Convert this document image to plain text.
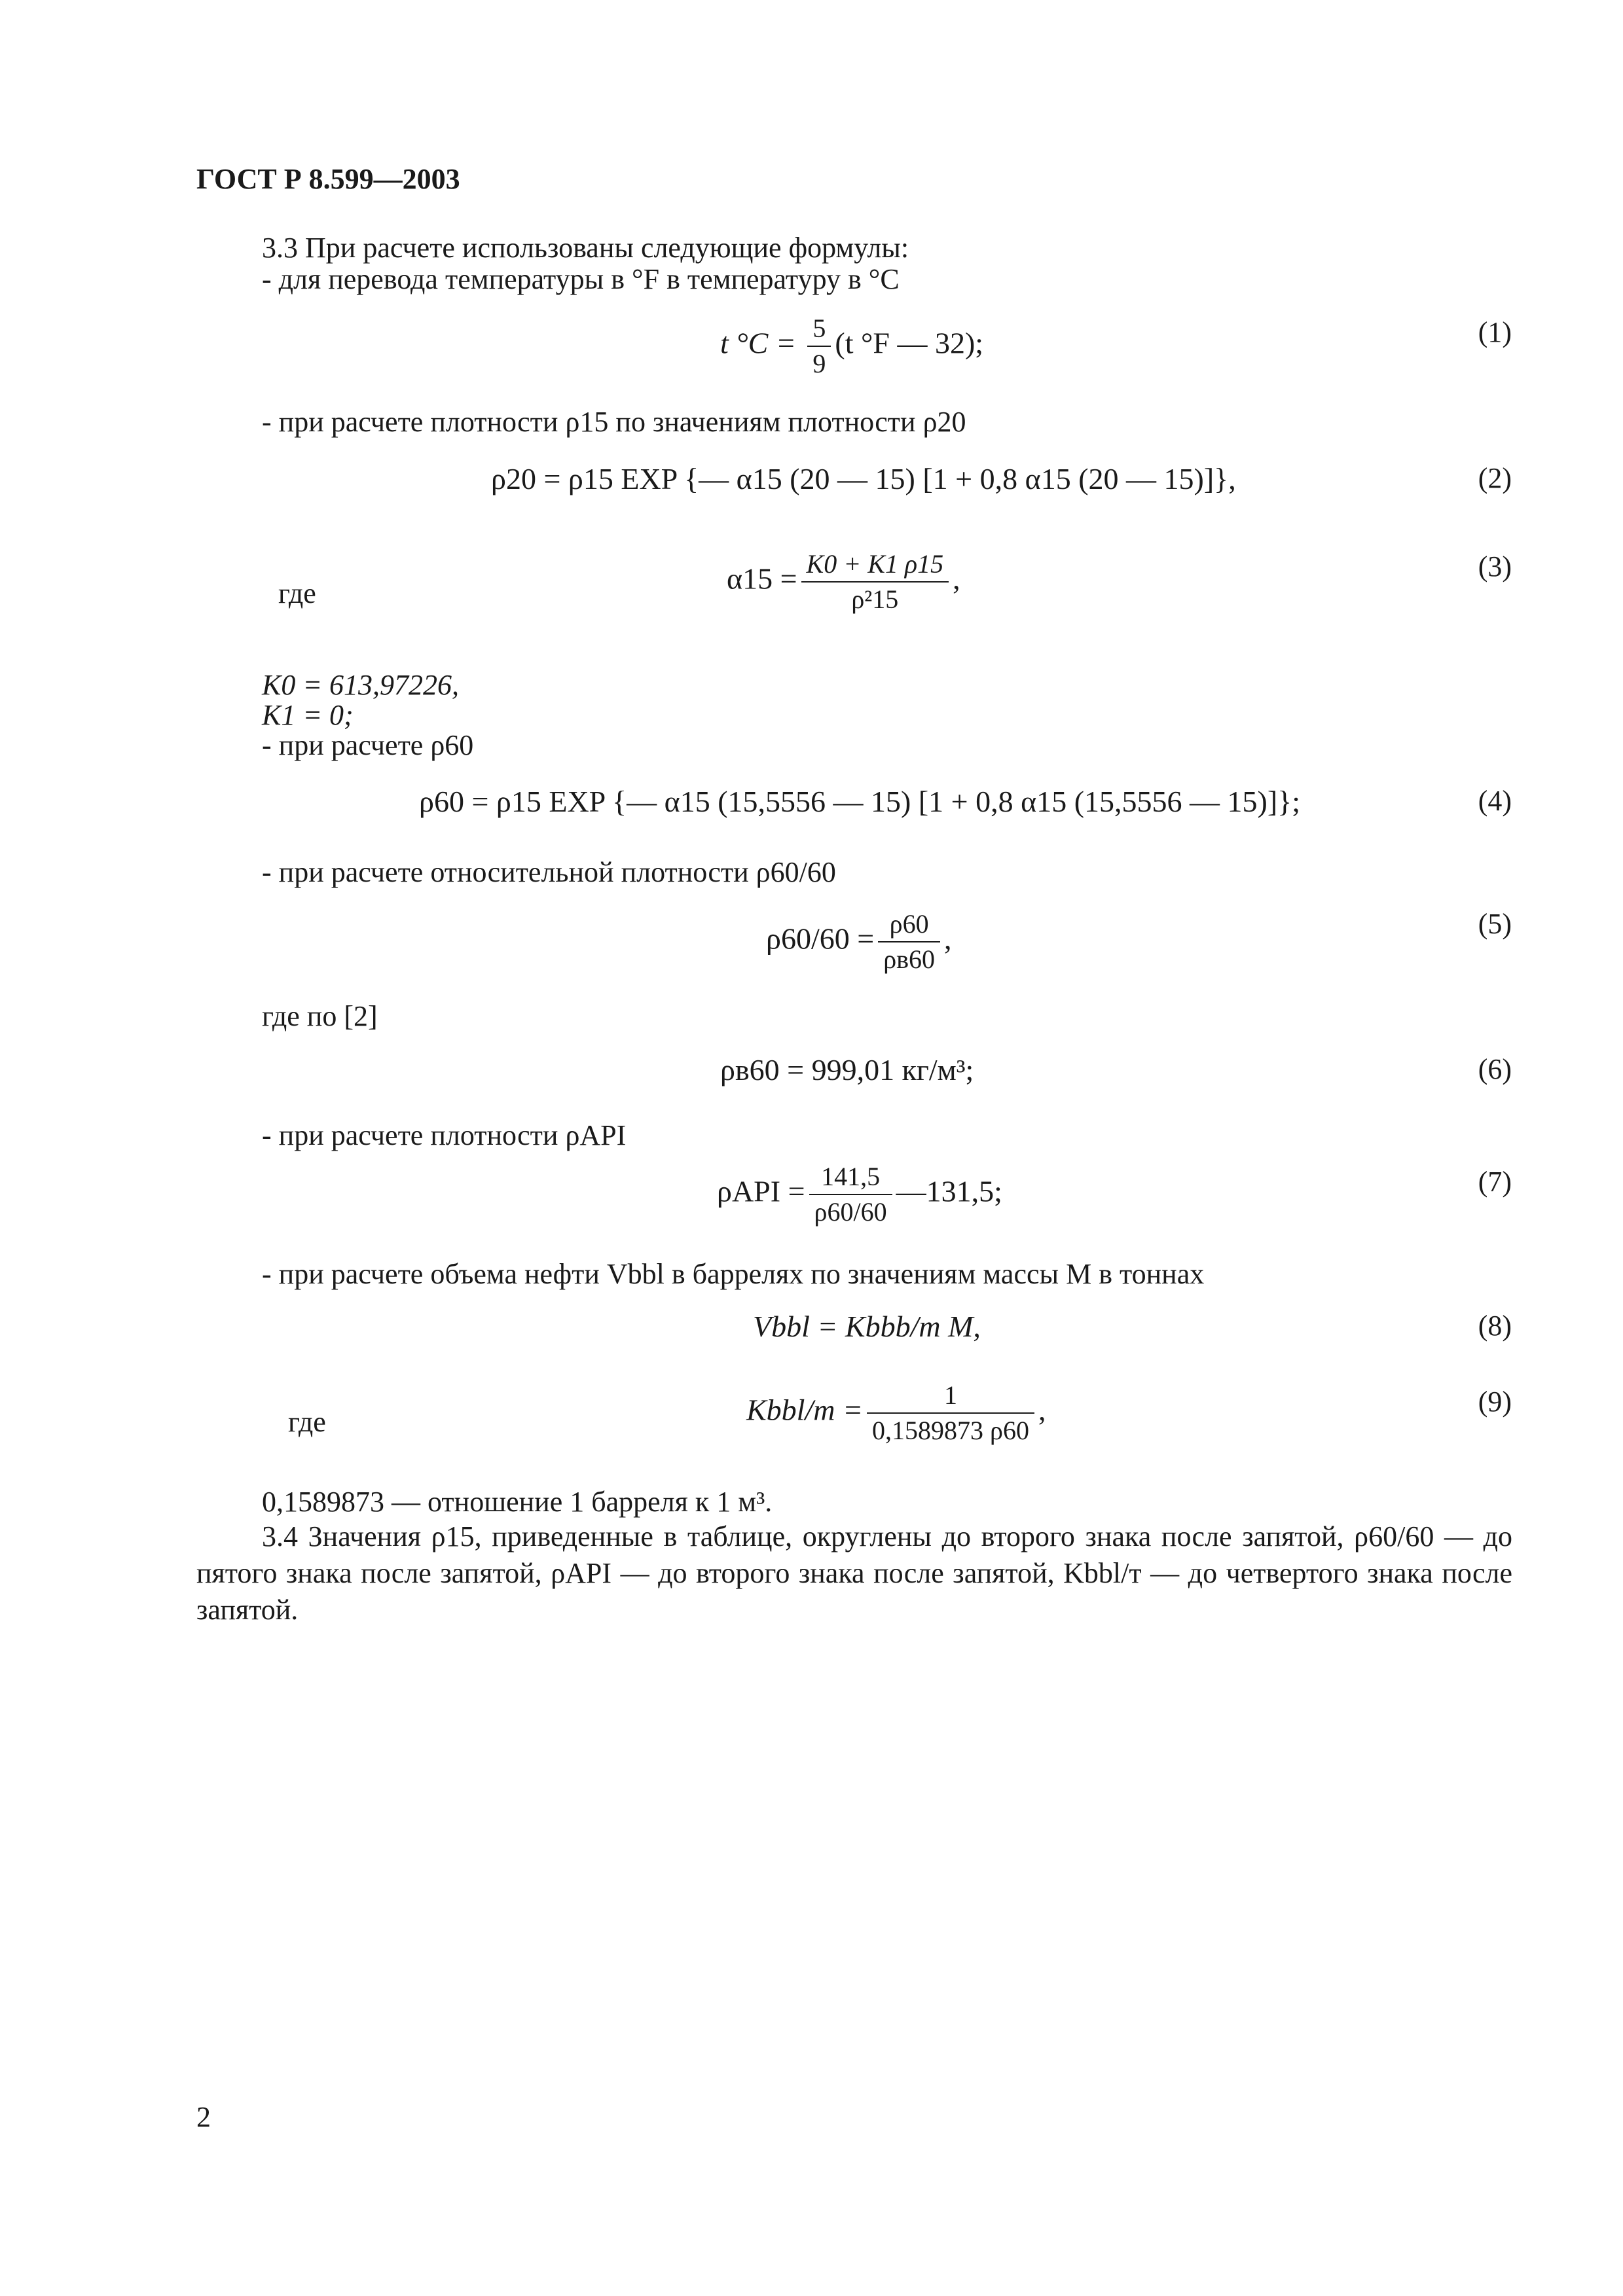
ГОСТ Р 8.599—2003
3.3 При расчете использованы следующие формулы:
- для перевода температуры в °F в температуру в °C
t $^\circ C = \frac{5}{9} (t$ °F — 32);	(1)
- при расчете плотности ρ15 по значениям плотности ρ20
ρ20 = ρ15 EXP {— α15 (20 — 15) [1 + 0,8 α15 (20 — 15)]},	(2)
где	$\alpha 15 = \frac{K0 + K1 \rho 15}{\text{ρ²15}}$ ,	(3)
K0 = 613,97226,
K1 = 0;
- при расчете ρ60
ρ60 = ρ15 EXP {— α15 (15,5556 — 15) [1 + 0,8 α15 (15,5556 — 15)]};	(4)
- при расчете относительной плотности ρ60/60
$\rho 60/60 = \frac{\rho 60}{\rho в60}$ ,	(5)
где по [2]
ρв60 = 999,01 кг/м³;	(6)
- при расчете плотности ρAPI
$\rho API = \frac{141,5}{\rho 60/60}$ —131,5;	(7)
- при расчете объема нефти Vbbl в баррелях по значениям массы M в тоннах
Vbbl = Kbbb/т M,	(8)
где	Kbbl/т = $\frac{1}{0,1589873 \rho 60}$ ,	(9)
0,1589873 — отношение 1 барреля к 1 м³.
3.4 Значения ρ15, приведенные в таблице, округлены до второго знака после запятой, ρ60/60 — до пятого знака после запятой, ρAPI — до второго знака после запятой, Kbbl/т — до четвертого знака после запятой.
2
